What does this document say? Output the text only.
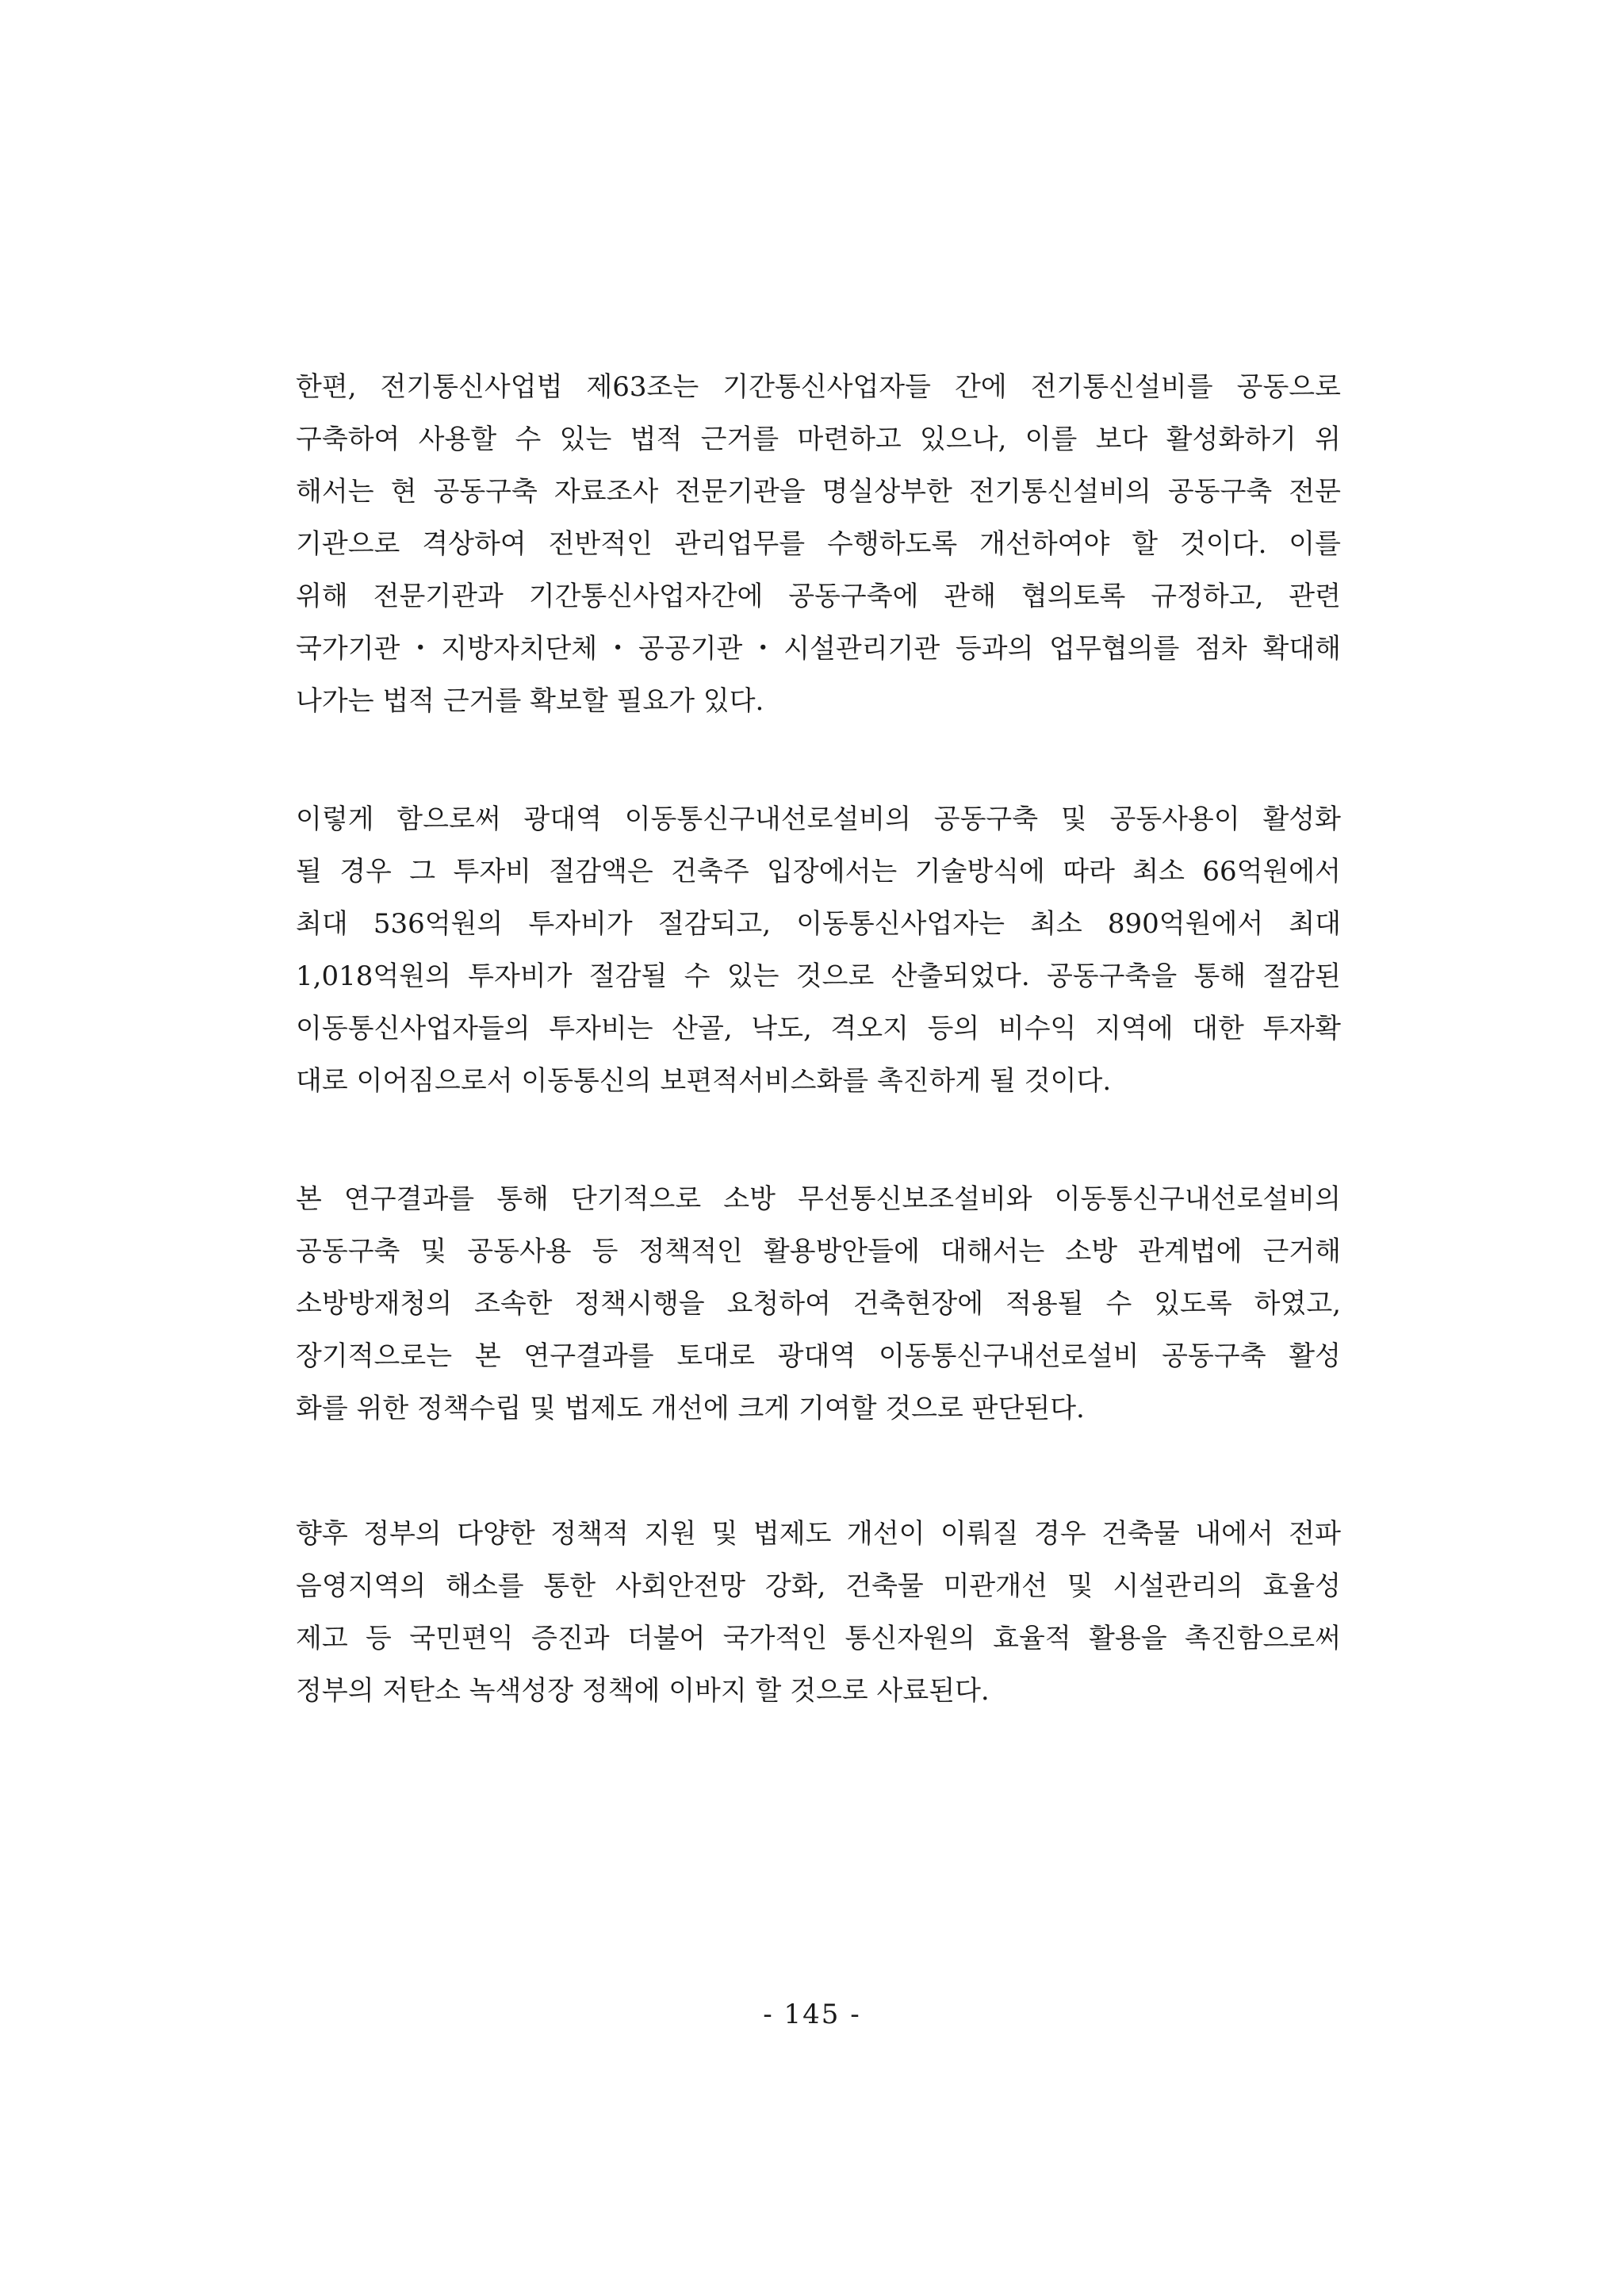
한편, 전기통신사업법 제63조는 기간통신사업자들 간에 전기통신설비를 공동으로
구축하여 사용할 수 있는 법적 근거를 마련하고 있으나, 이를 보다 활성화하기 위
해서는 현 공동구축 자료조사 전문기관을 명실상부한 전기통신설비의 공동구축 전문
기관으로 격상하여 전반적인 관리업무를 수행하도록 개선하여야 할 것이다. 이를
위해 전문기관과 기간통신사업자간에 공동구축에 관해 협의토록 규정하고, 관련
국가기관・지방자치단체・공공기관・시설관리기관 등과의 업무협의를 점차 확대해
나가는 법적 근거를 확보할 필요가 있다.
이렇게 함으로써 광대역 이동통신구내선로설비의 공동구축 및 공동사용이 활성화
될 경우 그 투자비 절감액은 건축주 입장에서는 기술방식에 따라 최소 66억원에서
최대 536억원의 투자비가 절감되고, 이동통신사업자는 최소 890억원에서 최대
1,018억원의 투자비가 절감될 수 있는 것으로 산출되었다. 공동구축을 통해 절감된
이동통신사업자들의 투자비는 산골, 낙도, 격오지 등의 비수익 지역에 대한 투자확
대로 이어짐으로서 이동통신의 보편적서비스화를 촉진하게 될 것이다.
본 연구결과를 통해 단기적으로 소방 무선통신보조설비와 이동통신구내선로설비의
공동구축 및 공동사용 등 정책적인 활용방안들에 대해서는 소방 관계법에 근거해
소방방재청의 조속한 정책시행을 요청하여 건축현장에 적용될 수 있도록 하였고,
장기적으로는 본 연구결과를 토대로 광대역 이동통신구내선로설비 공동구축 활성
화를 위한 정책수립 및 법제도 개선에 크게 기여할 것으로 판단된다.
향후 정부의 다양한 정책적 지원 및 법제도 개선이 이뤄질 경우 건축물 내에서 전파
음영지역의 해소를 통한 사회안전망 강화, 건축물 미관개선 및 시설관리의 효율성
제고 등 국민편익 증진과 더불어 국가적인 통신자원의 효율적 활용을 촉진함으로써
정부의 저탄소 녹색성장 정책에 이바지 할 것으로 사료된다.
- 145 -
